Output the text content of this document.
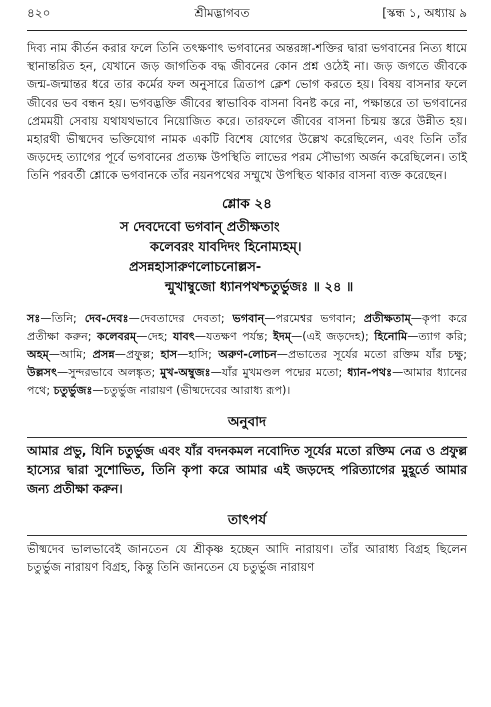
৪২০	শ্রীমদ্ভাগবত	[স্কন্ধ ১, অধ্যায় ৯

দিব্য নাম কীর্তন করার ফলে তিনি তৎক্ষণাৎ ভগবানের অন্তরঙ্গা-শক্তির দ্বারা ভগবানের নিত্য ধামে স্থানান্তরিত হন, যেখানে জড় জাগতিক বদ্ধ জীবনের কোন প্রশ্ন ওঠেই না। জড় জগতে জীবকে জন্ম-জন্মান্তর ধরে তার কর্মের ফল অনুসারে ত্রিতাপ ক্লেশ ভোগ করতে হয়। বিষয় বাসনার ফলে জীবের ভব বন্ধন হয়। ভগবদ্ভক্তি জীবের স্বাভাবিক বাসনা বিনষ্ট করে না, পক্ষান্তরে তা ভগবানের প্রেমময়ী সেবায় যথাযথভাবে নিয়োজিত করে। তারফলে জীবের বাসনা চিন্ময় স্তরে উন্নীত হয়। মহারথী ভীষ্মদেব ভক্তিযোগ নামক একটি বিশেষ যোগের উল্লেখ করেছিলেন, এবং তিনি তাঁর জড়দেহ ত্যাগের পূর্বে ভগবানের প্রত্যক্ষ উপস্থিতি লাভের পরম সৌভাগ্য অর্জন করেছিলেন। তাই তিনি পরবর্তী শ্লোকে ভগবানকে তাঁর নয়নপথের সম্মুখে উপস্থিত থাকার বাসনা ব্যক্ত করেছেন।

শ্লোক ২৪

স দেবদেবো ভগবান্ প্রতীক্ষতাং

কলেবরং যাবদিদং হিনোম্যহম্।

প্রসন্নহাসারুণলোচনোল্লস-

ন্মুখাম্বুজো ধ্যানপথশ্চতুর্ভুজঃ ॥ ২৪ ॥

সঃ—তিনি; দেব-দেবঃ—দেবতাদের দেবতা; ভগবান্—পরমেশ্বর ভগবান; প্রতীক্ষতাম্—কৃপা করে প্রতীক্ষা করুন; কলেবরম্—দেহ; যাবৎ—যতক্ষণ পর্যন্ত; ইদম্—(এই জড়দেহ); হিনোমি—ত্যাগ করি; অহম্—আমি; প্রসন্ন—প্রফুল্ল; হাস—হাসি; অরুণ-লোচন—প্রভাতের সূর্যের মতো রক্তিম যাঁর চক্ষু; উল্লসৎ—সুন্দরভাবে অলঙ্কৃত; মুখ-অম্বুজঃ—যাঁর মুখমণ্ডল পদ্মের মতো; ধ্যান-পথঃ—আমার ধ্যানের পথে; চতুর্ভুজঃ—চতুর্ভুজ নারায়ণ (ভীষ্মদেবের আরাধ্য রূপ)।
অনুবাদ

আমার প্রভু, যিনি চতুর্ভুজ এবং যাঁর বদনকমল নবোদিত সূর্যের মতো রক্তিম নেত্র ও প্রফুল্ল হাস্যের দ্বারা সুশোভিত, তিনি কৃপা করে আমার এই জড়দেহ পরিত্যাগের মুহূর্তে আমার জন্য প্রতীক্ষা করুন।

তাৎপর্য

ভীষ্মদেব ভালভাবেই জানতেন যে শ্রীকৃষ্ণ হচ্ছেন আদি নারায়ণ। তাঁর আরাধ্য বিগ্রহ ছিলেন চতুর্ভুজ নারায়ণ বিগ্রহ, কিন্তু তিনি জানতেন যে চতুর্ভুজ নারায়ণ
